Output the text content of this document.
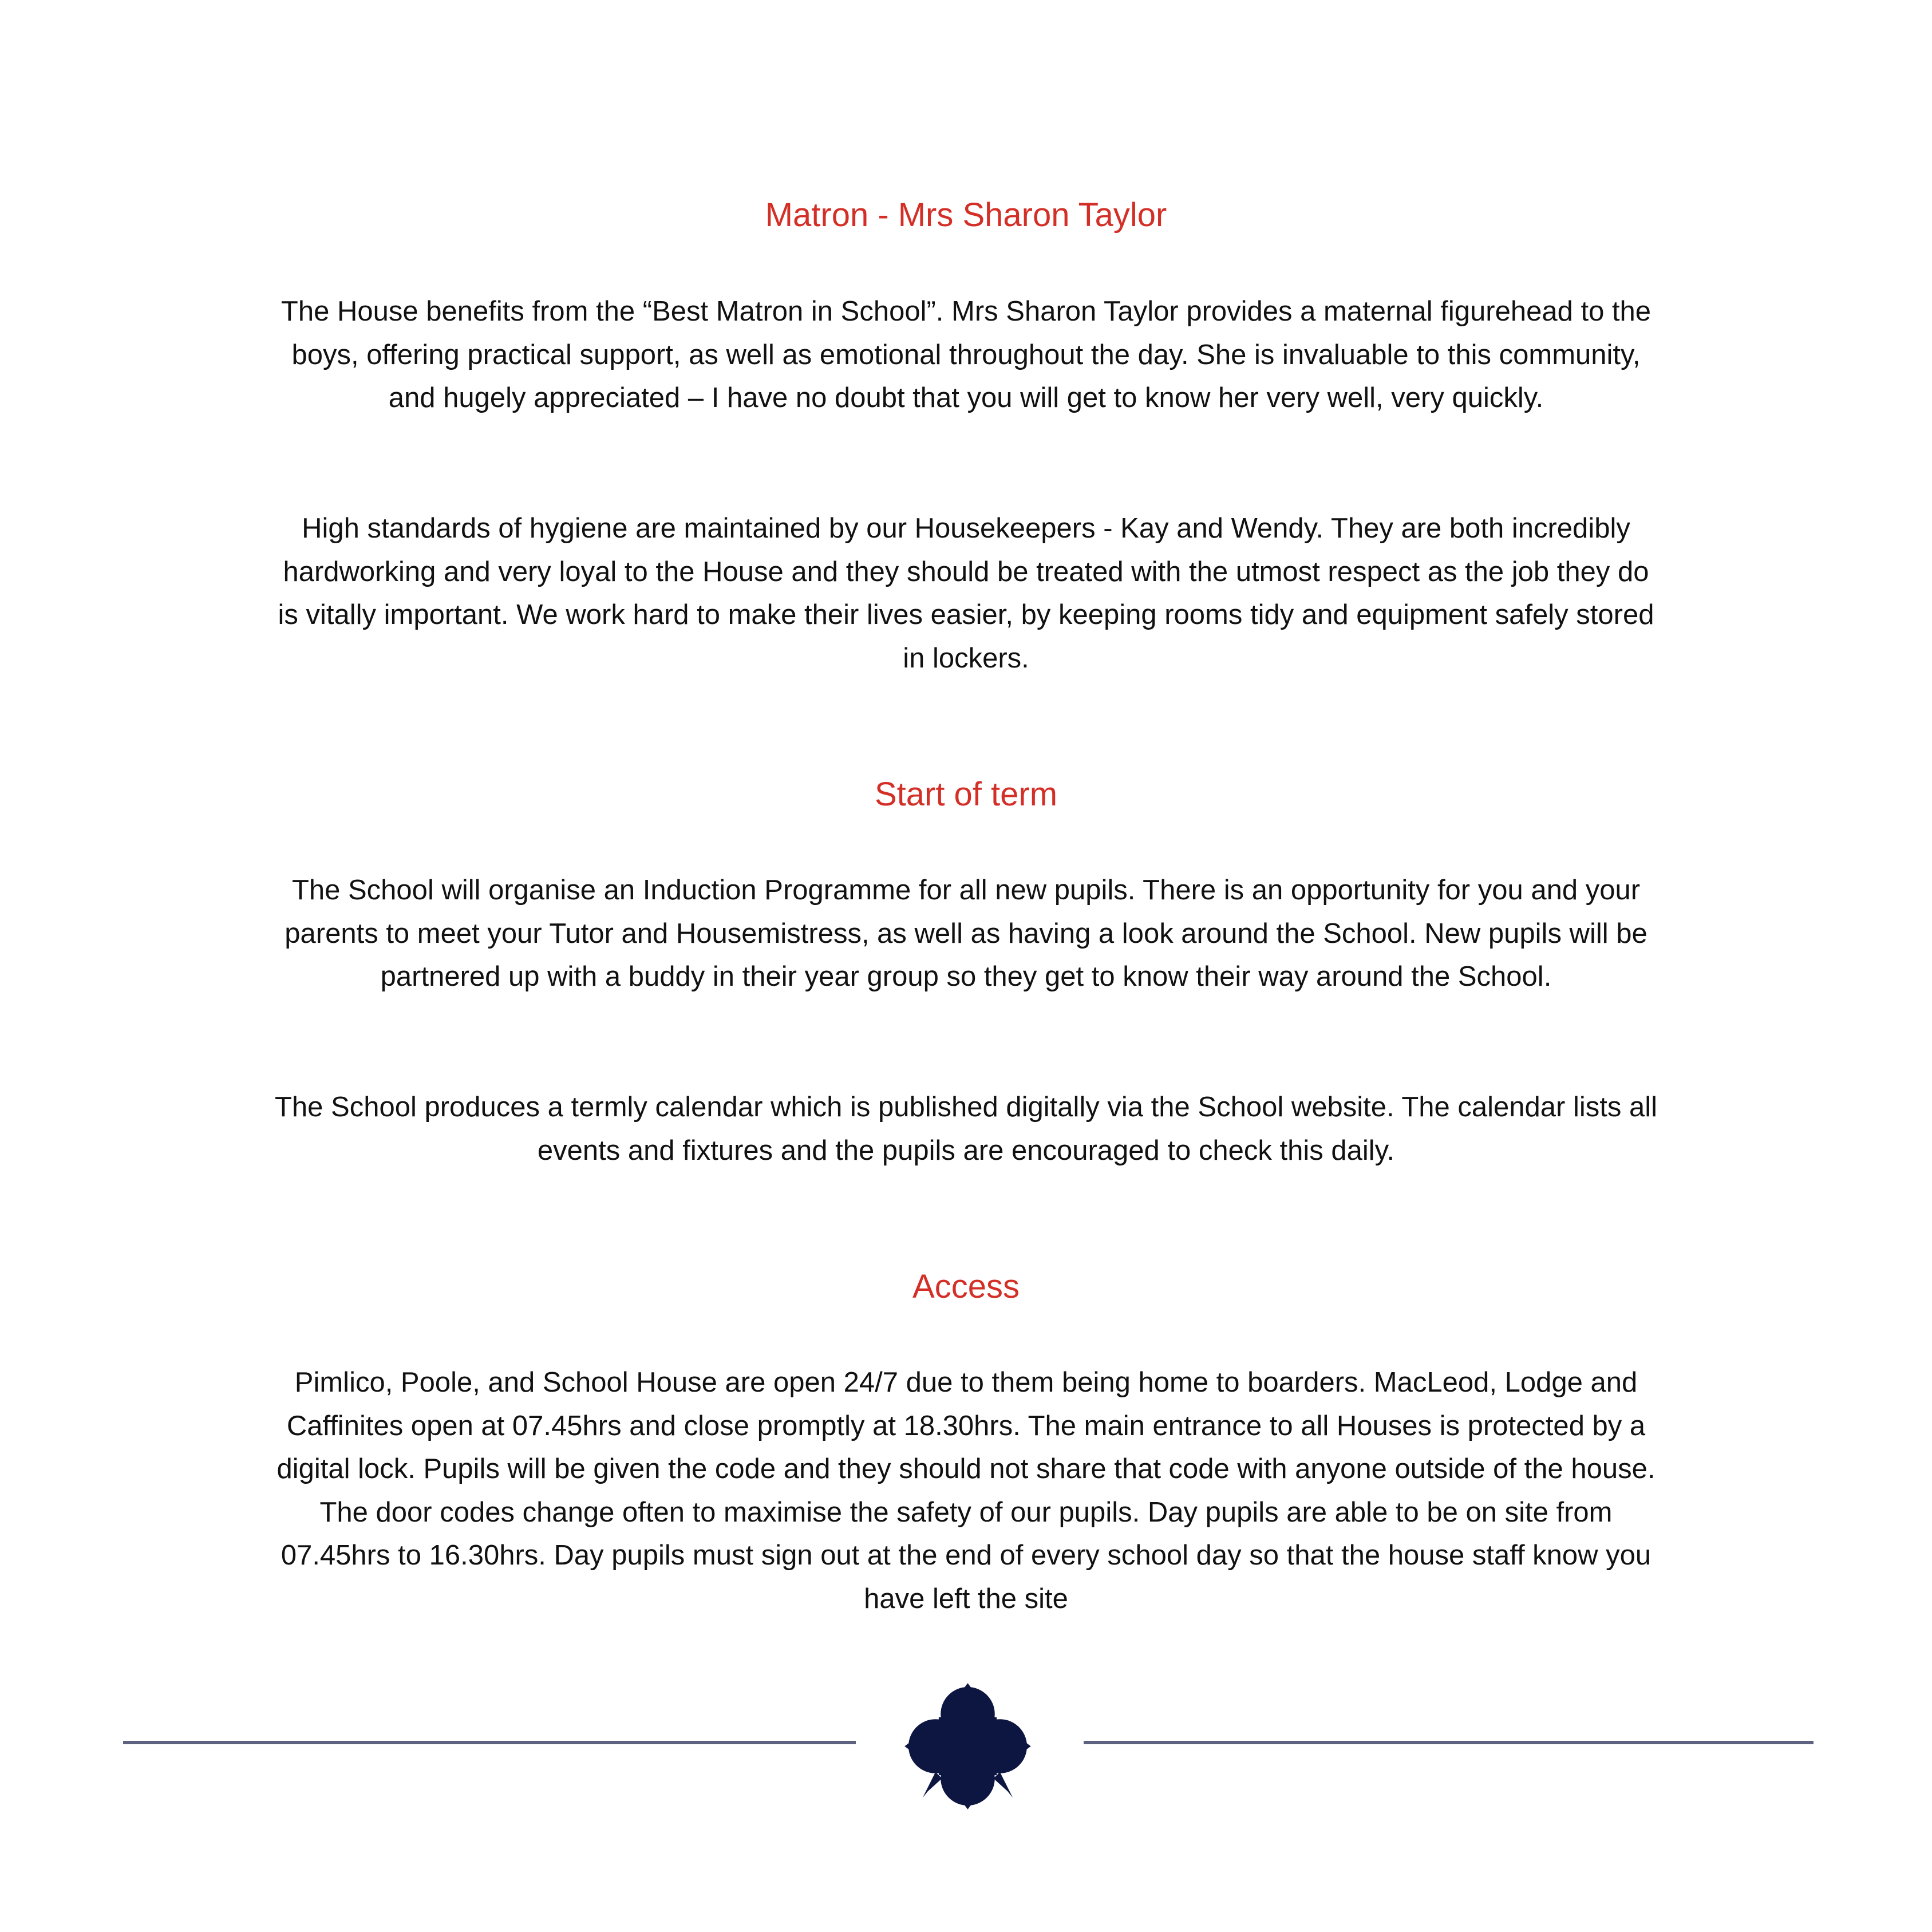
Matron - Mrs Sharon Taylor

The House benefits from the “Best Matron in School”. Mrs Sharon Taylor provides a maternal figurehead to the boys, offering practical support, as well as emotional throughout the day. She is invaluable to this community, and hugely appreciated – I have no doubt that you will get to know her very well, very quickly.

High standards of hygiene are maintained by our Housekeepers - Kay and Wendy. They are both incredibly hardworking and very loyal to the House and they should be treated with the utmost respect as the job they do is vitally important. We work hard to make their lives easier, by keeping rooms tidy and equipment safely stored in lockers.

Start of term

The School will organise an Induction Programme for all new pupils. There is an opportunity for you and your parents to meet your Tutor and Housemistress, as well as having a look around the School. New pupils will be partnered up with a buddy in their year group so they get to know their way around the School.

The School produces a termly calendar which is published digitally via the School website. The calendar lists all events and fixtures and the pupils are encouraged to check this daily.

Access

Pimlico, Poole, and School House are open 24/7 due to them being home to boarders. MacLeod, Lodge and Caffinites open at 07.45hrs and close promptly at 18.30hrs. The main entrance to all Houses is protected by a digital lock. Pupils will be given the code and they should not share that code with anyone outside of the house. The door codes change often to maximise the safety of our pupils. Day pupils are able to be on site from 07.45hrs to 16.30hrs. Day pupils must sign out at the end of every school day so that the house staff know you have left the site
